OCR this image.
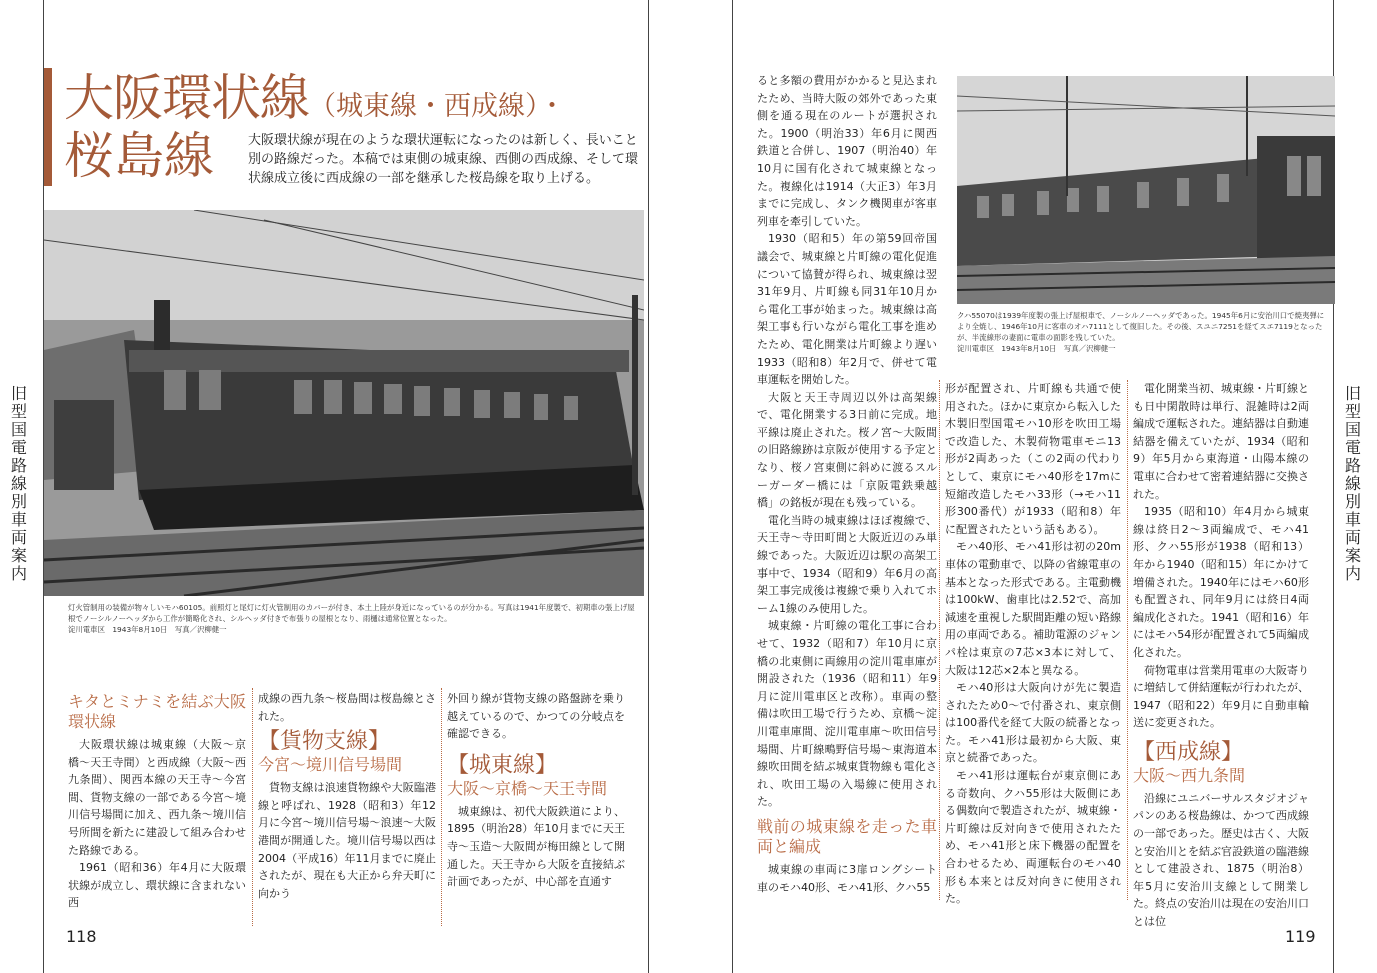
大阪環状線（城東線・西成線）・
桜島線	大阪環状線が現在のような環状運転になったのは新しく、長いこと別の路線だった。本稿では東側の城東線、西側の西成線、そして環状線成立後に西成線の一部を継承した桜島線を取り上げる。
灯火管制用の装備が物々しいモハ60105。前照灯と尾灯に灯火管制用のカバーが付き、本土上陸が身近になっているのが分かる。写真は1941年度製で、初期車の張上げ屋根でノーシルノーヘッダから工作が簡略化され、シルヘッダ付きで布張りの屋根となり、雨樋は通常位置となった。
淀川電車区　1943年8月10日　写真／沢柳健一
キタとミナミを結ぶ大阪環状線

大阪環状線は城東線（大阪〜京橋〜天王寺間）と西成線（大阪〜西九条間）、関西本線の天王寺〜今宮間、貨物支線の一部である今宮〜境川信号場間に加え、西九条〜境川信号所間を新たに建設して組み合わせた路線である。

1961（昭和36）年4月に大阪環状線が成立し、環状線に含まれない西

成線の西九条〜桜島間は桜島線とされた。

【貨物支線】
今宮〜境川信号場間

貨物支線は浪速貨物線や大阪臨港線と呼ばれ、1928（昭和3）年12月に今宮〜境川信号場〜浪速〜大阪港間が開通した。境川信号場以西は2004（平成16）年11月までに廃止されたが、現在も大正から弁天町に向かう

外回り線が貨物支線の路盤跡を乗り越えているので、かつての分岐点を確認できる。

【城東線】
大阪〜京橋〜天王寺間

城東線は、初代大阪鉄道により、1895（明治28）年10月までに天王寺〜玉造〜大阪間が梅田線として開通した。天王寺から大阪を直接結ぶ計画であったが、中心部を直通す

118
旧型国電　路線別車両案内

ると多額の費用がかかると見込まれたため、当時大阪の郊外であった東側を通る現在のルートが選択された。1900（明治33）年6月に関西鉄道と合併し、1907（明治40）年10月に国有化されて城東線となった。複線化は1914（大正3）年3月までに完成し、タンク機関車が客車列車を牽引していた。

1930（昭和5）年の第59回帝国議会で、城東線と片町線の電化促進について協賛が得られ、城東線は翌31年9月、片町線も同31年10月から電化工事が始まった。城東線は高架工事も行いながら電化工事を進めたため、電化開業は片町線より遅い1933（昭和8）年2月で、併せて電車運転を開始した。

大阪と天王寺周辺以外は高架線で、電化開業する3日前に完成。地平線は廃止された。桜ノ宮〜大阪間の旧路線跡は京阪が使用する予定となり、桜ノ宮東側に斜めに渡るスルーガーダー橋には「京阪電鉄乗越橋」の銘板が現在も残っている。

電化当時の城東線はほぼ複線で、天王寺〜寺田町間と大阪近辺のみ単線であった。大阪近辺は駅の高架工事中で、1934（昭和9）年6月の高架工事完成後は複線で乗り入れてホーム1線のみ使用した。

城東線・片町線の電化工事に合わせて、1932（昭和7）年10月に京橋の北東側に両線用の淀川電車庫が開設された（1936（昭和11）年9月に淀川電車区と改称）。車両の整備は吹田工場で行うため、京橋〜淀川電車庫間、淀川電車庫〜吹田信号場間、片町線鴫野信号場〜東海道本線吹田間を結ぶ城東貨物線も電化され、吹田工場の入場線に使用された。

戦前の城東線を走った車両と編成

城東線の車両に3扉ロングシート車のモハ40形、モハ41形、クハ55

クハ55070は1939年度製の張上げ屋根車で、ノーシルノーヘッダであった。1945年6月に安治川口で焼夷弾により全焼し、1946年10月に客車のオハ7111として復旧した。その後、スユニ7251を経てスエ7119となったが、半流線形の妻面に電車の面影を残していた。
淀川電車区　1943年8月10日　写真／沢柳健一

形が配置され、片町線も共通で使用された。ほかに東京から転入した木製旧型国電モハ10形を吹田工場で改造した、木製荷物電車モニ13形が2両あった（この2両の代わりとして、東京にモハ40形を17mに短縮改造したモハ33形（→モハ11形300番代）が1933（昭和8）年に配置されたという話もある）。

モハ40形、モハ41形は初の20m車体の電動車で、以降の省線電車の基本となった形式である。主電動機は100kW、歯車比は2.52で、高加減速を重視した駅間距離の短い路線用の車両である。補助電源のジャンパ栓は東京の7芯×3本に対して、大阪は12芯×2本と異なる。

モハ40形は大阪向けが先に製造されたため0〜で付番され、東京側は100番代を経て大阪の続番となった。モハ41形は最初から大阪、東京と続番であった。

モハ41形は運転台が東京側にある奇数向、クハ55形は大阪側にある偶数向で製造されたが、城東線・片町線は反対向きで使用されたため、モハ41形と床下機器の配置を合わせるため、両運転台のモハ40形も本来とは反対向きに使用された。

電化開業当初、城東線・片町線とも日中閑散時は単行、混雑時は2両編成で運転された。連結器は自動連結器を備えていたが、1934（昭和9）年5月から東海道・山陽本線の電車に合わせて密着連結器に交換された。

1935（昭和10）年4月から城東線は終日2〜3両編成で、モハ41形、クハ55形が1938（昭和13）年から1940（昭和15）年にかけて増備された。1940年にはモハ60形も配置され、同年9月には終日4両編成化された。1941（昭和16）年にはモハ54形が配置されて5両編成化された。

荷物電車は営業用電車の大阪寄りに増結して併結運転が行われたが、1947（昭和22）年9月に自動車輸送に変更された。

【西成線】
大阪〜西九条間

沿線にユニバーサルスタジオジャパンのある桜島線は、かつて西成線の一部であった。歴史は古く、大阪と安治川とを結ぶ官設鉄道の臨港線として建設され、1875（明治8）年5月に安治川支線として開業した。終点の安治川は現在の安治川口とは位

119
旧型国電　路線別車両案内
